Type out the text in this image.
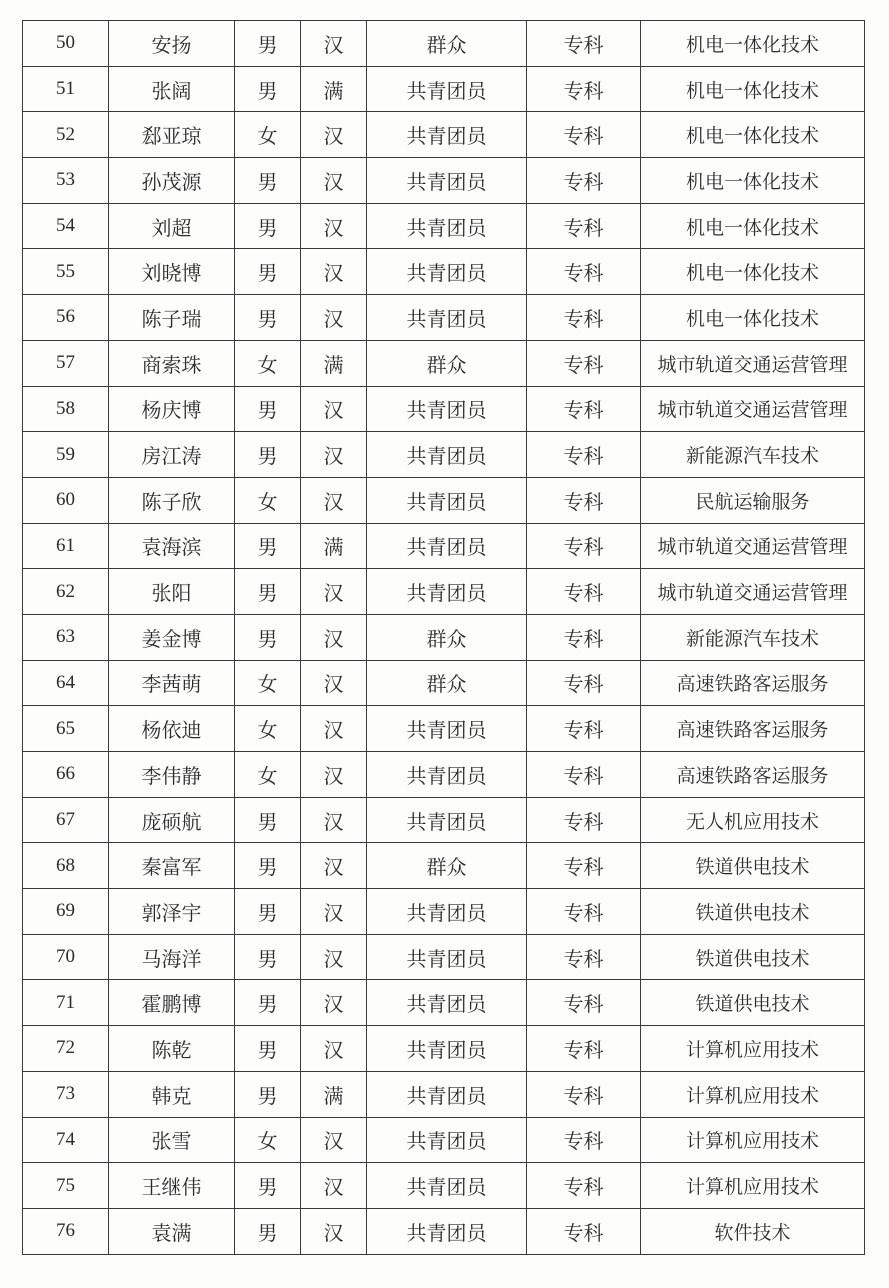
50	安扬	男	汉	群众	专科	机电一体化技术
51	张阔	男	满	共青团员	专科	机电一体化技术
52	郄亚琼	女	汉	共青团员	专科	机电一体化技术
53	孙茂源	男	汉	共青团员	专科	机电一体化技术
54	刘超	男	汉	共青团员	专科	机电一体化技术
55	刘晓博	男	汉	共青团员	专科	机电一体化技术
56	陈子瑞	男	汉	共青团员	专科	机电一体化技术
57	商索珠	女	满	群众	专科	城市轨道交通运营管理
58	杨庆博	男	汉	共青团员	专科	城市轨道交通运营管理
59	房江涛	男	汉	共青团员	专科	新能源汽车技术
60	陈子欣	女	汉	共青团员	专科	民航运输服务
61	袁海滨	男	满	共青团员	专科	城市轨道交通运营管理
62	张阳	男	汉	共青团员	专科	城市轨道交通运营管理
63	姜金博	男	汉	群众	专科	新能源汽车技术
64	李茜萌	女	汉	群众	专科	高速铁路客运服务
65	杨依迪	女	汉	共青团员	专科	高速铁路客运服务
66	李伟静	女	汉	共青团员	专科	高速铁路客运服务
67	庞硕航	男	汉	共青团员	专科	无人机应用技术
68	秦富军	男	汉	群众	专科	铁道供电技术
69	郭泽宇	男	汉	共青团员	专科	铁道供电技术
70	马海洋	男	汉	共青团员	专科	铁道供电技术
71	霍鹏博	男	汉	共青团员	专科	铁道供电技术
72	陈乾	男	汉	共青团员	专科	计算机应用技术
73	韩克	男	满	共青团员	专科	计算机应用技术
74	张雪	女	汉	共青团员	专科	计算机应用技术
75	王继伟	男	汉	共青团员	专科	计算机应用技术
76	袁满	男	汉	共青团员	专科	软件技术
